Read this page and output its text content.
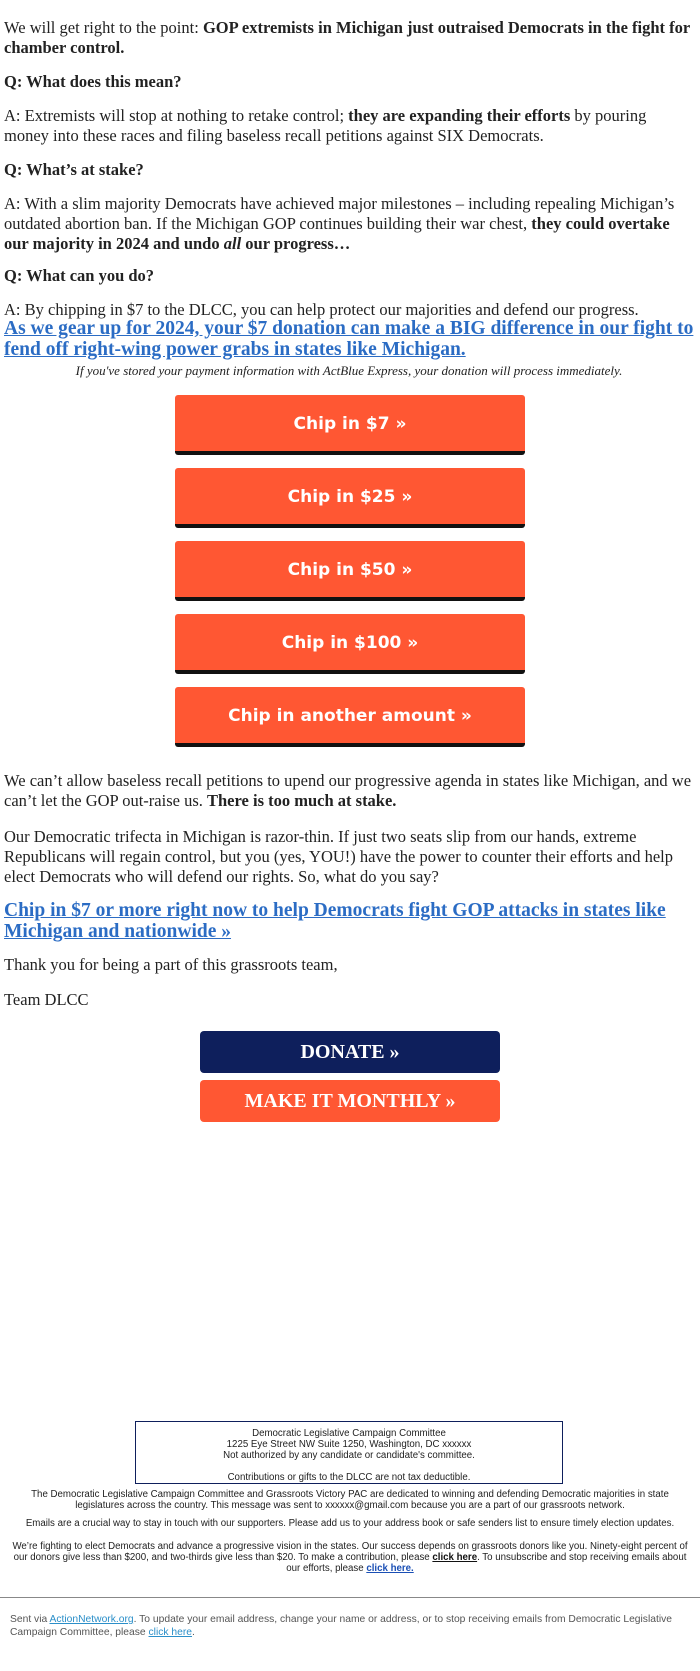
We will get right to the point: GOP extremists in Michigan just outraised Democrats in the fight for chamber control.

Q: What does this mean?

A: Extremists will stop at nothing to retake control; they are expanding their efforts by pouring money into these races and filing baseless recall petitions against SIX Democrats.

Q: What’s at stake?

A: With a slim majority Democrats have achieved major milestones – including repealing Michigan’s outdated abortion ban. If the Michigan GOP continues building their war chest, they could overtake our majority in 2024 and undo all our progress…

Q: What can you do?

A: By chipping in $7 to the DLCC, you can help protect our majorities and defend our progress.

As we gear up for 2024, your $7 donation can make a BIG difference in our fight to fend off right-wing power grabs in states like Michigan.

If you've stored your payment information with ActBlue Express, your donation will process immediately.

Chip in $7 »
Chip in $25 »
Chip in $50 »
Chip in $100 »
Chip in another amount »

We can’t allow baseless recall petitions to upend our progressive agenda in states like Michigan, and we can’t let the GOP out-raise us. There is too much at stake.

Our Democratic trifecta in Michigan is razor-thin. If just two seats slip from our hands, extreme Republicans will regain control, but you (yes, YOU!) have the power to counter their efforts and help elect Democrats who will defend our rights. So, what do you say?

Chip in $7 or more right now to help Democrats fight GOP attacks in states like Michigan and nationwide »

Thank you for being a part of this grassroots team,

Team DLCC

DONATE »
MAKE IT MONTHLY »
Democratic Legislative Campaign Committee
1225 Eye Street NW Suite 1250, Washington, DC xxxxxx
Not authorized by any candidate or candidate's committee.
Contributions or gifts to the DLCC are not tax deductible.
The Democratic Legislative Campaign Committee and Grassroots Victory PAC are dedicated to winning and defending Democratic majorities in state legislatures across the country. This message was sent to xxxxxx@gmail.com because you are a part of our grassroots network.
Emails are a crucial way to stay in touch with our supporters. Please add us to your address book or safe senders list to ensure timely election updates.
We’re fighting to elect Democrats and advance a progressive vision in the states. Our success depends on grassroots donors like you. Ninety-eight percent of our donors give less than $200, and two-thirds give less than $20. To make a contribution, please click here. To unsubscribe and stop receiving emails about our efforts, please click here.
Sent via ActionNetwork.org. To update your email address, change your name or address, or to stop receiving emails from Democratic Legislative Campaign Committee, please click here.
